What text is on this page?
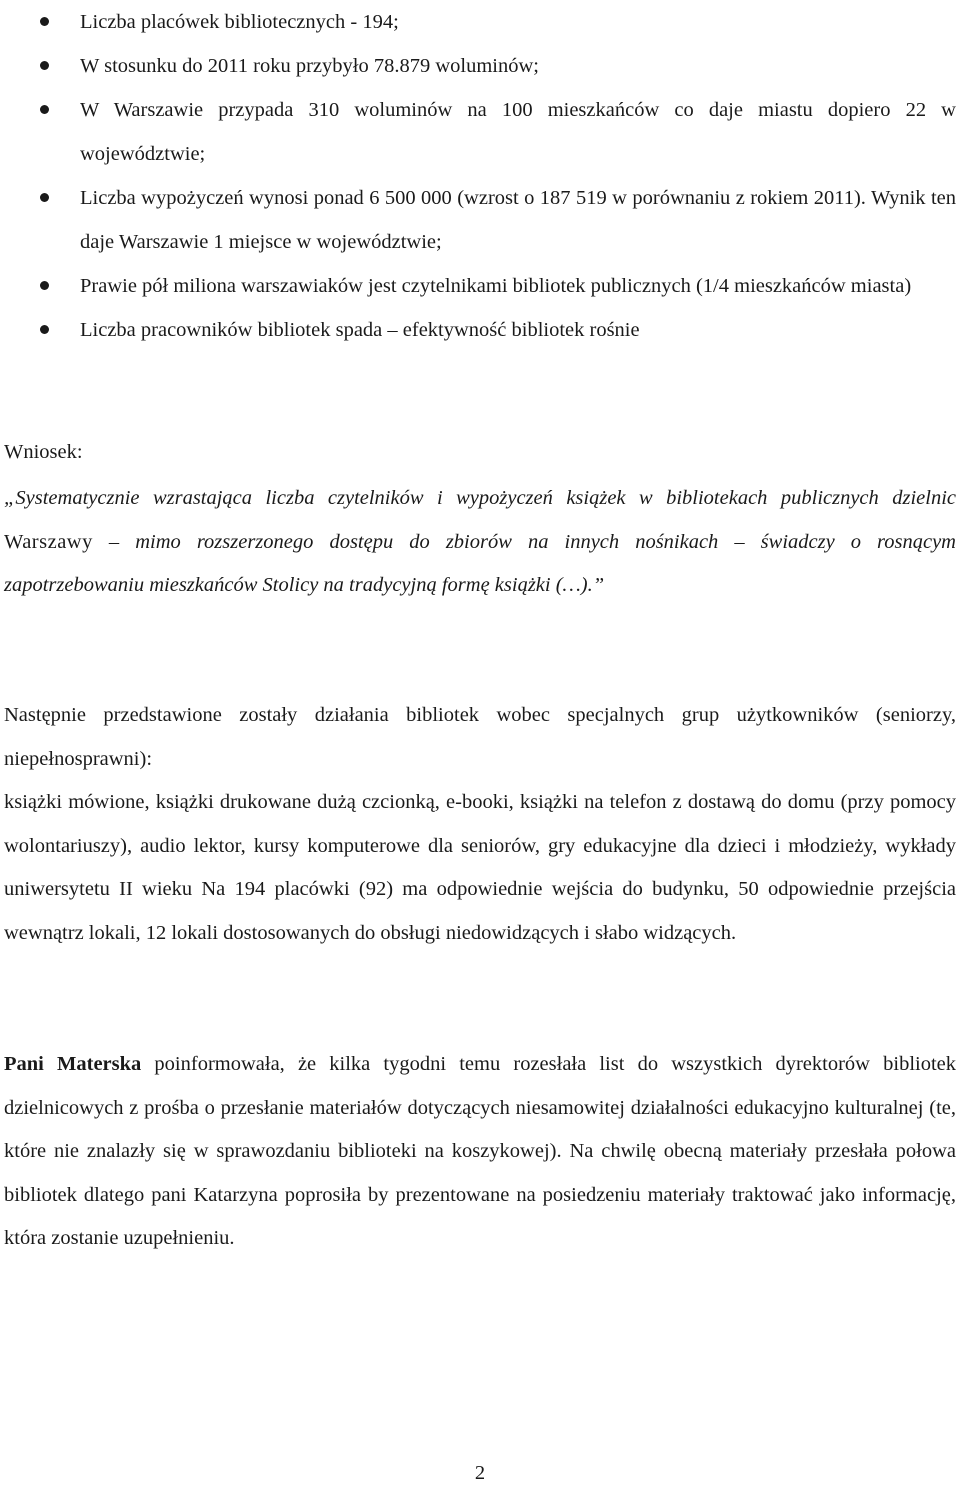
Liczba placówek bibliotecznych - 194;
W stosunku do 2011 roku przybyło 78.879 woluminów;
W Warszawie przypada 310 woluminów na 100 mieszkańców co daje miastu dopiero 22 w województwie;
Liczba wypożyczeń wynosi ponad 6 500 000 (wzrost o 187 519 w porównaniu z rokiem 2011). Wynik ten daje Warszawie 1 miejsce w województwie;
Prawie pół miliona warszawiaków jest czytelnikami bibliotek publicznych (1/4 mieszkańców miasta)
Liczba pracowników bibliotek spada – efektywność bibliotek rośnie
Wniosek:
„Systematycznie wzrastająca liczba czytelników i wypożyczeń książek w bibliotekach publicznych dzielnic Warszawy – mimo rozszerzonego dostępu do zbiorów na innych nośnikach – świadczy o rosnącym zapotrzebowaniu mieszkańców Stolicy na tradycyjną formę książki (…).”
Następnie przedstawione zostały działania bibliotek wobec specjalnych grup użytkowników (seniorzy, niepełnosprawni):
książki mówione, książki drukowane dużą czcionką, e-booki, książki na telefon z dostawą do domu (przy pomocy wolontariuszy), audio lektor, kursy komputerowe dla seniorów, gry edukacyjne dla dzieci i młodzieży, wykłady uniwersytetu II wieku Na 194 placówki (92) ma odpowiednie wejścia do budynku, 50 odpowiednie przejścia wewnątrz lokali, 12 lokali dostosowanych do obsługi niedowidzących i słabo widzących.
Pani Materska poinformowała, że kilka tygodni temu rozesłała list do wszystkich dyrektorów bibliotek dzielnicowych z prośba o przesłanie materiałów dotyczących niesamowitej działalności edukacyjno kulturalnej (te, które nie znalazły się w sprawozdaniu biblioteki na koszykowej). Na chwilę obecną materiały przesłała połowa bibliotek dlatego pani Katarzyna poprosiła by prezentowane na posiedzeniu materiały traktować jako informację, która zostanie uzupełnieniu.
2
